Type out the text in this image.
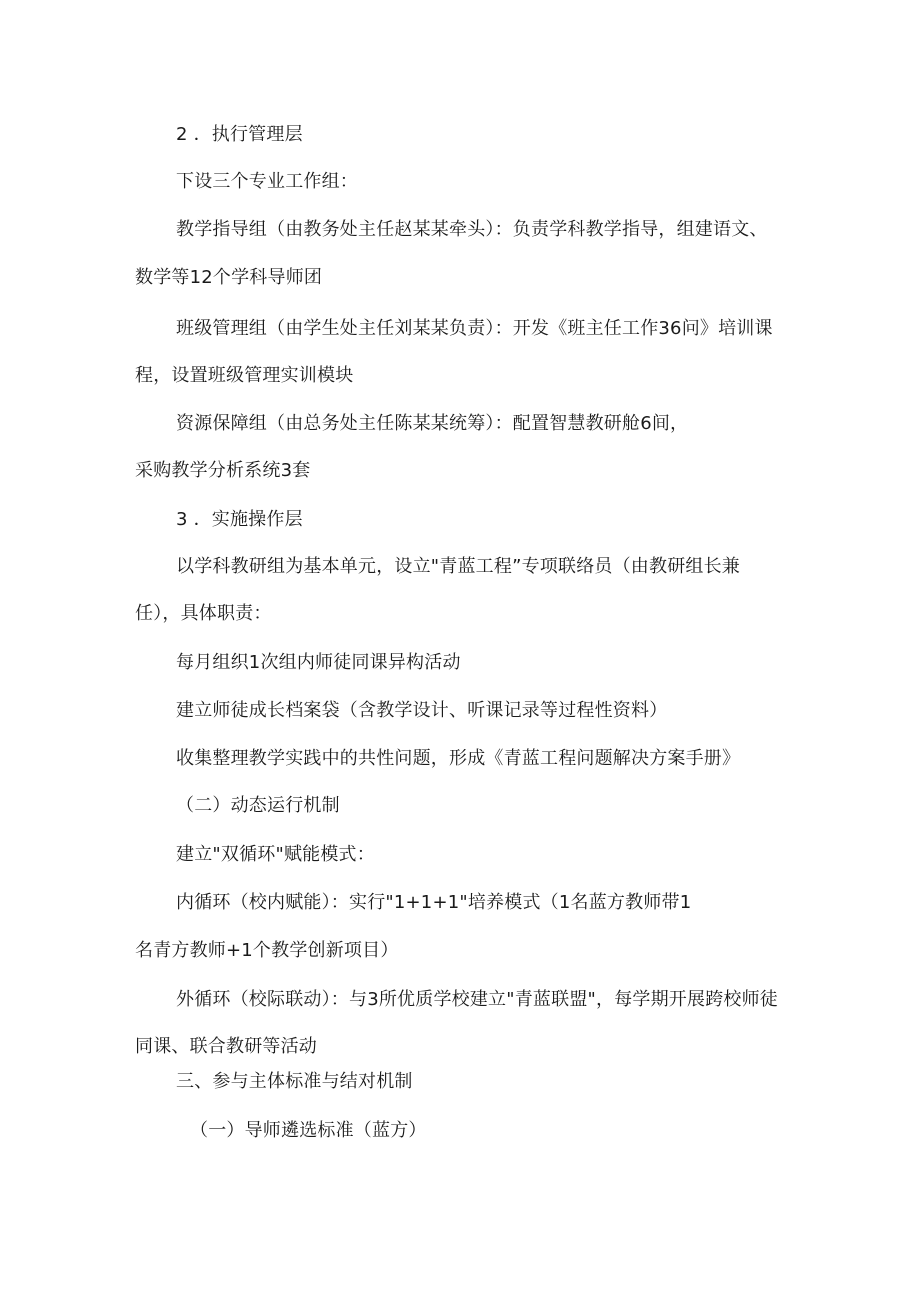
2 ．执行管理层
下设三个专业工作组：
教学指导组（由教务处主任赵某某牵头）：负责学科教学指导，组建语文、
数学等12个学科导师团
班级管理组（由学生处主任刘某某负责）：开发《班主任工作36问》培训课
程，设置班级管理实训模块
资源保障组（由总务处主任陈某某统筹）：配置智慧教研舱6间，
采购教学分析系统3套
3 ．实施操作层
以学科教研组为基本单元，设立"青蓝工程”专项联络员（由教研组长兼
任），具体职责：
每月组织1次组内师徒同课异构活动
建立师徒成长档案袋（含教学设计、听课记录等过程性资料）
收集整理教学实践中的共性问题，形成《青蓝工程问题解决方案手册》
（二）动态运行机制
建立"双循环"赋能模式：
内循环（校内赋能）：实行"1+1+1"培养模式（1名蓝方教师带1
名青方教师+1个教学创新项目）
外循环（校际联动）：与3所优质学校建立"青蓝联盟"，每学期开展跨校师徒
同课、联合教研等活动
三、参与主体标准与结对机制
（一）导师遴选标准（蓝方）
